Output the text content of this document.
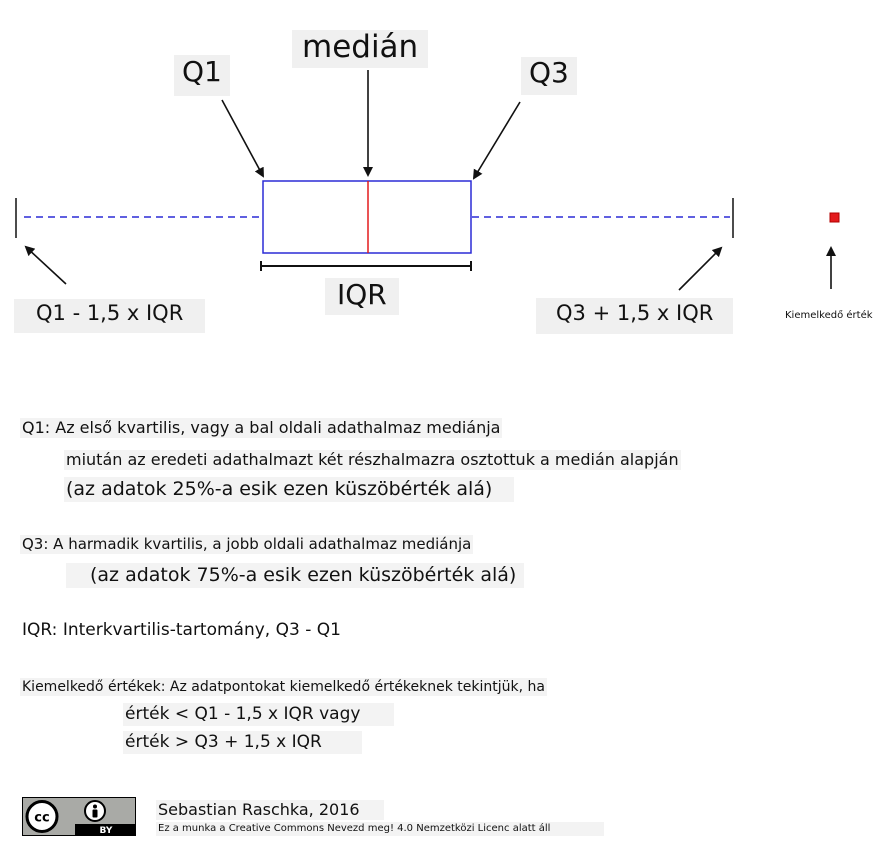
medián
Q1	Q3
IQR
Q1 - 1,5 x IQR	Q3 + 1,5 x IQR	Kiemelkedő érték
Q1: Az első kvartilis, vagy a bal oldali adathalmaz mediánja
miután az eredeti adathalmazt két részhalmazra osztottuk a medián alapján
(az adatok 25%-a esik ezen küszöbérték alá)
Q3: A harmadik kvartilis, a jobb oldali adathalmaz mediánja
(az adatok 75%-a esik ezen küszöbérték alá)
IQR: Interkvartilis-tartomány, Q3 - Q1
Kiemelkedő értékek: Az adatpontokat kiemelkedő értékeknek tekintjük, ha
érték < Q1 - 1,5 x IQR vagy
érték > Q3 + 1,5 x IQR
cc
BY
Sebastian Raschka, 2016
Ez a munka a Creative Commons Nevezd meg! 4.0 Nemzetközi Licenc alatt áll
